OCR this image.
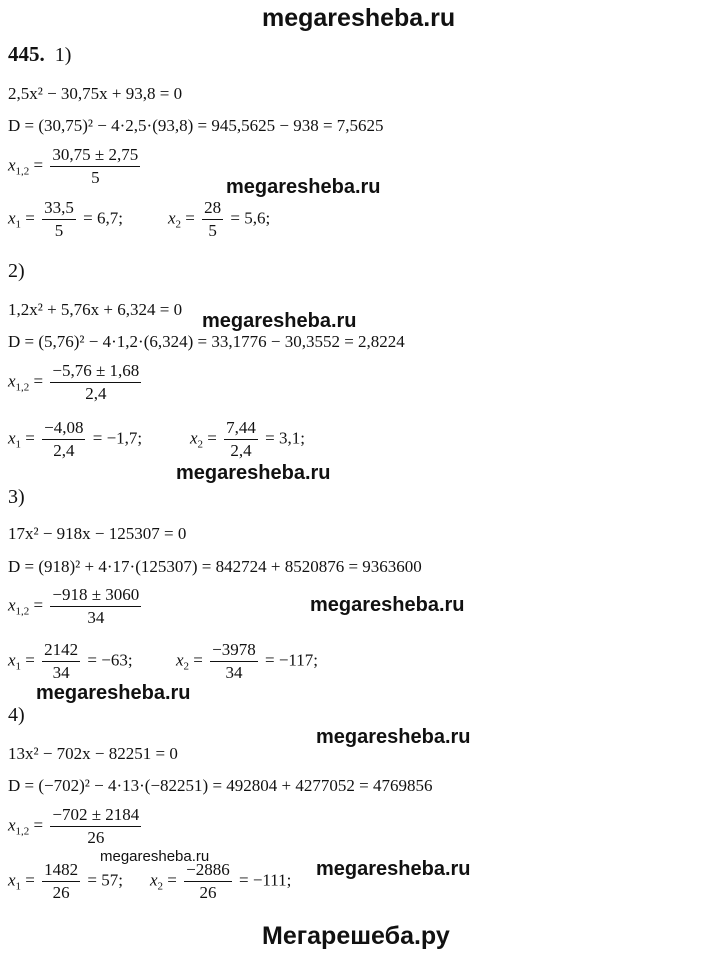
megaresheba.ru
445. 1)
2,5x² − 30,75x + 93,8 = 0
D = (30,75)² − 4·2,5·(93,8) = 945,5625 − 938 = 7,5625
$x_{1,2} = \frac{30,75 \pm 2,75}{5}$
$x_1 = \frac{33,5}{5} = 6,7$;	$x_2 = \frac{28}{5} = 5,6$;
megaresheba.ru
2)
1,2x² + 5,76x + 6,324 = 0
megaresheba.ru
D = (5,76)² − 4·1,2·(6,324) = 33,1776 − 30,3552 = 2,8224
$x_{1,2} = \frac{-5,76 \pm 1,68}{2,4}$
$x_1 = \frac{-4,08}{2,4} = -1,7$;	$x_2 = \frac{7,44}{2,4} = 3,1$;
megaresheba.ru
3)
17x² − 918x − 125307 = 0
D = (918)² + 4·17·(125307) = 842724 + 8520876 = 9363600
$x_{1,2} = \frac{-918 \pm 3060}{34}$	megaresheba.ru
$x_1 = \frac{2142}{34} = -63$;	$x_2 = \frac{-3978}{34} = -117$;
megaresheba.ru
4)
megaresheba.ru
13x² − 702x − 82251 = 0
D = (−702)² − 4·13·(−82251) = 492804 + 4277052 = 4769856
$x_{1,2} = \frac{-702 \pm 2184}{26}$
megaresheba.ru
$x_1 = \frac{1482}{26} = 57$; $x_2 = \frac{-2886}{26} = -111$; megaresheba.ru
Мегарешеба.ру
